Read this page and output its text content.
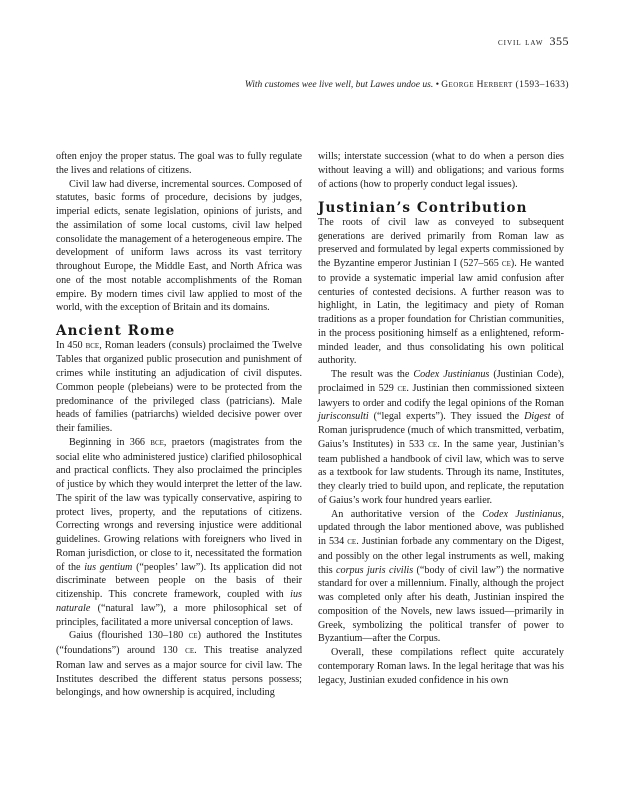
civil law 355
With customes wee live well, but Lawes undoe us. • George Herbert (1593–1633)

often enjoy the proper status. The goal was to fully regulate the lives and relations of citizens.

Civil law had diverse, incremental sources. Composed of statutes, basic forms of procedure, decisions by judges, imperial edicts, senate legislation, opinions of jurists, and the assimilation of some local customs, civil law helped consolidate the management of a heterogeneous empire. The development of uniform laws across its vast territory throughout Europe, the Middle East, and North Africa was one of the most notable accomplishments of the Roman empire. By modern times civil law applied to most of the world, with the exception of Britain and its domains.

Ancient Rome

In 450 bce, Roman leaders (consuls) proclaimed the Twelve Tables that organized public prosecution and punishment of crimes while instituting an adjudication of civil disputes. Common people (plebeians) were to be protected from the predominance of the privileged class (patricians). Male heads of families (patriarchs) wielded decisive power over their families.

Beginning in 366 bce, praetors (magistrates from the social elite who administered justice) clarified philosophical and practical conflicts. They also proclaimed the principles of justice by which they would interpret the letter of the law. The spirit of the law was typically conservative, aspiring to protect lives, property, and the reputations of citizens. Correcting wrongs and reversing injustice were additional guidelines. Growing relations with foreigners who lived in Roman jurisdiction, or close to it, necessitated the formation of the ius gentium (“peoples’ law”). Its application did not discriminate between people on the basis of their citizenship. This concrete framework, coupled with ius naturale (“natural law”), a more philosophical set of principles, facilitated a more universal conception of laws.

Gaius (flourished 130–180 ce) authored the Institutes (“foundations”) around 130 ce. This treatise analyzed Roman law and serves as a major source for civil law. The Institutes described the different status persons possess; belongings, and how ownership is acquired, including

wills; interstate succession (what to do when a person dies without leaving a will) and obligations; and various forms of actions (how to properly conduct legal issues).

Justinian’s Contribution

The roots of civil law as conveyed to subsequent generations are derived primarily from Roman law as preserved and formulated by legal experts commissioned by the Byzantine emperor Justinian I (527–565 ce). He wanted to provide a systematic imperial law amid confusion after centuries of contested decisions. A further reason was to highlight, in Latin, the legitimacy and piety of Roman traditions as a proper foundation for Christian communities, in the process positioning himself as a enlightened, reform-minded leader, and thus consolidating his own political authority.

The result was the Codex Justinianus (Justinian Code), proclaimed in 529 ce. Justinian then commissioned sixteen lawyers to order and codify the legal opinions of the Roman jurisconsulti (“legal experts”). They issued the Digest of Roman jurisprudence (much of which transmitted, verbatim, Gaius’s Institutes) in 533 ce. In the same year, Justinian’s team published a handbook of civil law, which was to serve as a textbook for law students. Through its name, Institutes, they clearly tried to build upon, and replicate, the reputation of Gaius’s work four hundred years earlier.

An authoritative version of the Codex Justinianus, updated through the labor mentioned above, was published in 534 ce. Justinian forbade any commentary on the Digest, and possibly on the other legal instruments as well, making this corpus juris civilis (“body of civil law”) the normative standard for over a millennium. Finally, although the project was completed only after his death, Justinian inspired the composition of the Novels, new laws issued—primarily in Greek, symbolizing the political transfer of power to Byzantium—after the Corpus.

Overall, these compilations reflect quite accurately contemporary Roman laws. In the legal heritage that was his legacy, Justinian exuded confidence in his own
